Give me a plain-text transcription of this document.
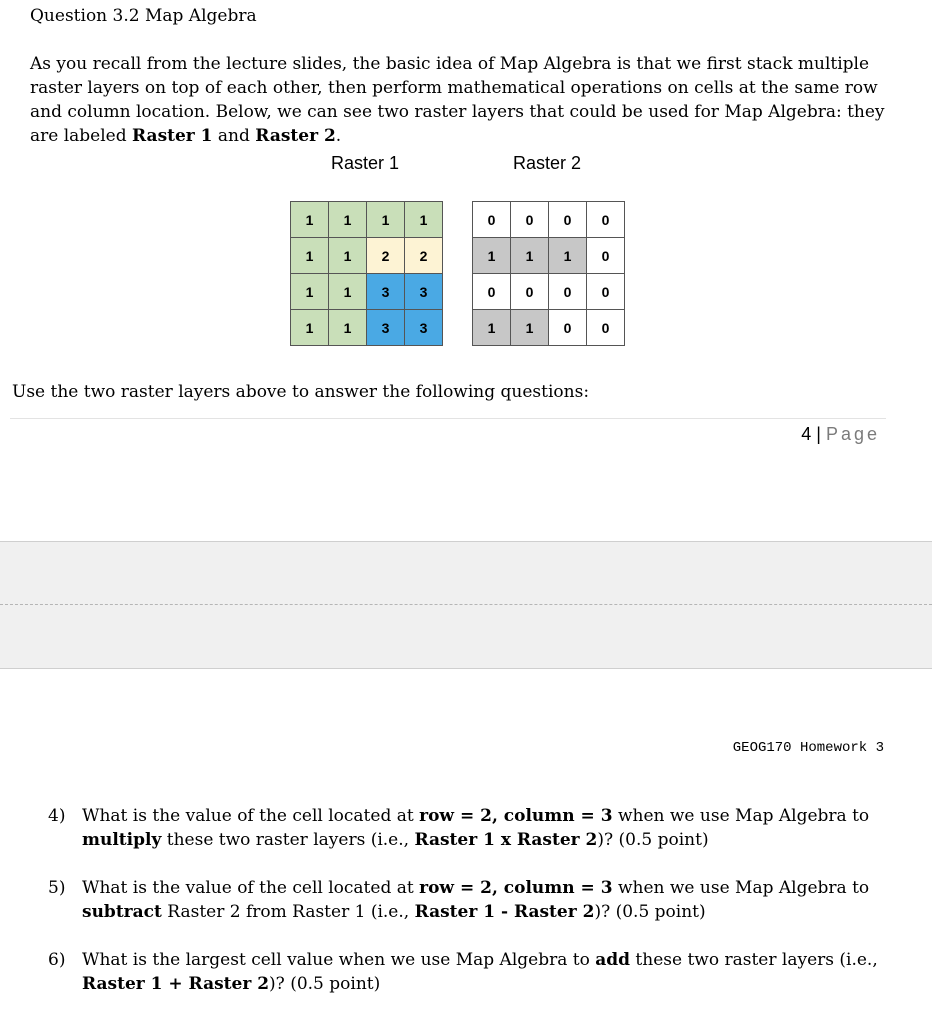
Question 3.2 Map Algebra
As you recall from the lecture slides, the basic idea of Map Algebra is that we first stack multiple raster layers on top of each other, then perform mathematical operations on cells at the same row and column location. Below, we can see two raster layers that could be used for Map Algebra: they are labeled Raster 1 and Raster 2.
Raster 1	Raster 2
1	1	1	1
1	1	2	2
1	1	3	3
1	1	3	3
0	0	0	0
1	1	1	0
0	0	0	0
1	1	0	0
Use the two raster layers above to answer the following questions:
4 | Page
GEOG170 Homework 3
4) What is the value of the cell located at row = 2, column = 3 when we use Map Algebra to multiply these two raster layers (i.e., Raster 1 x Raster 2)? (0.5 point)
5) What is the value of the cell located at row = 2, column = 3 when we use Map Algebra to subtract Raster 2 from Raster 1 (i.e., Raster 1 - Raster 2)? (0.5 point)
6) What is the largest cell value when we use Map Algebra to add these two raster layers (i.e., Raster 1 + Raster 2)? (0.5 point)
